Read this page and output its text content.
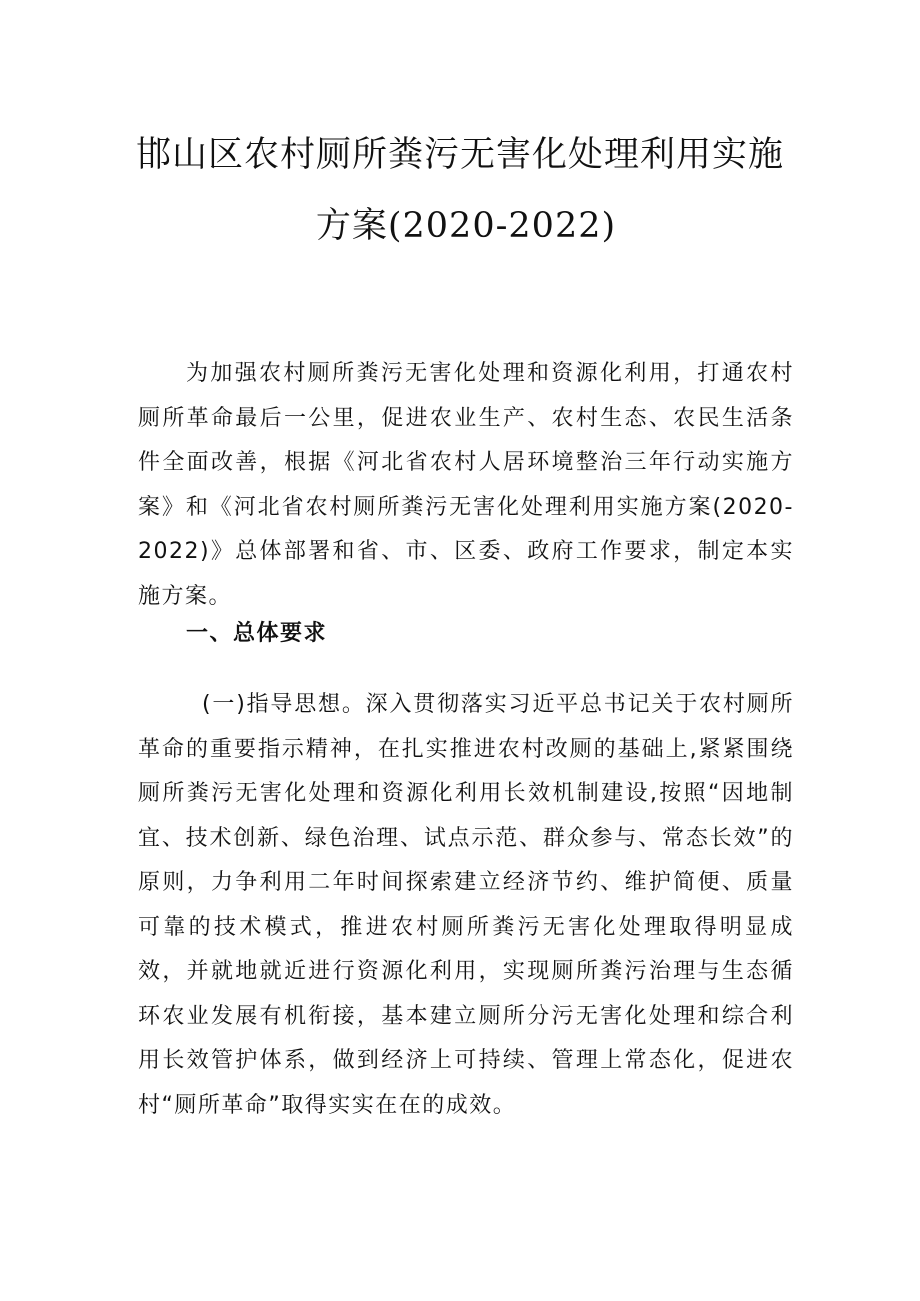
邯山区农村厕所粪污无害化处理利用实施
方案(2020-2022)

为加强农村厕所粪污无害化处理和资源化利用，打通农村厕所革命最后一公里，促进农业生产、农村生态、农民生活条件全面改善，根据《河北省农村人居环境整治三年行动实施方案》和《河北省农村厕所粪污无害化处理利用实施方案(2020-2022)》总体部署和省、市、区委、政府工作要求，制定本实施方案。

一、总体要求

(一)指导思想。深入贯彻落实习近平总书记关于农村厕所革命的重要指示精神，在扎实推进农村改厕的基础上,紧紧围绕厕所粪污无害化处理和资源化利用长效机制建设,按照“因地制宜、技术创新、绿色治理、试点示范、群众参与、常态长效”的原则，力争利用二年时间探索建立经济节约、维护简便、质量可靠的技术模式，推进农村厕所粪污无害化处理取得明显成效，并就地就近进行资源化利用，实现厕所粪污治理与生态循环农业发展有机衔接，基本建立厕所分污无害化处理和综合利用长效管护体系，做到经济上可持续、管理上常态化，促进农村“厕所革命”取得实实在在的成效。
